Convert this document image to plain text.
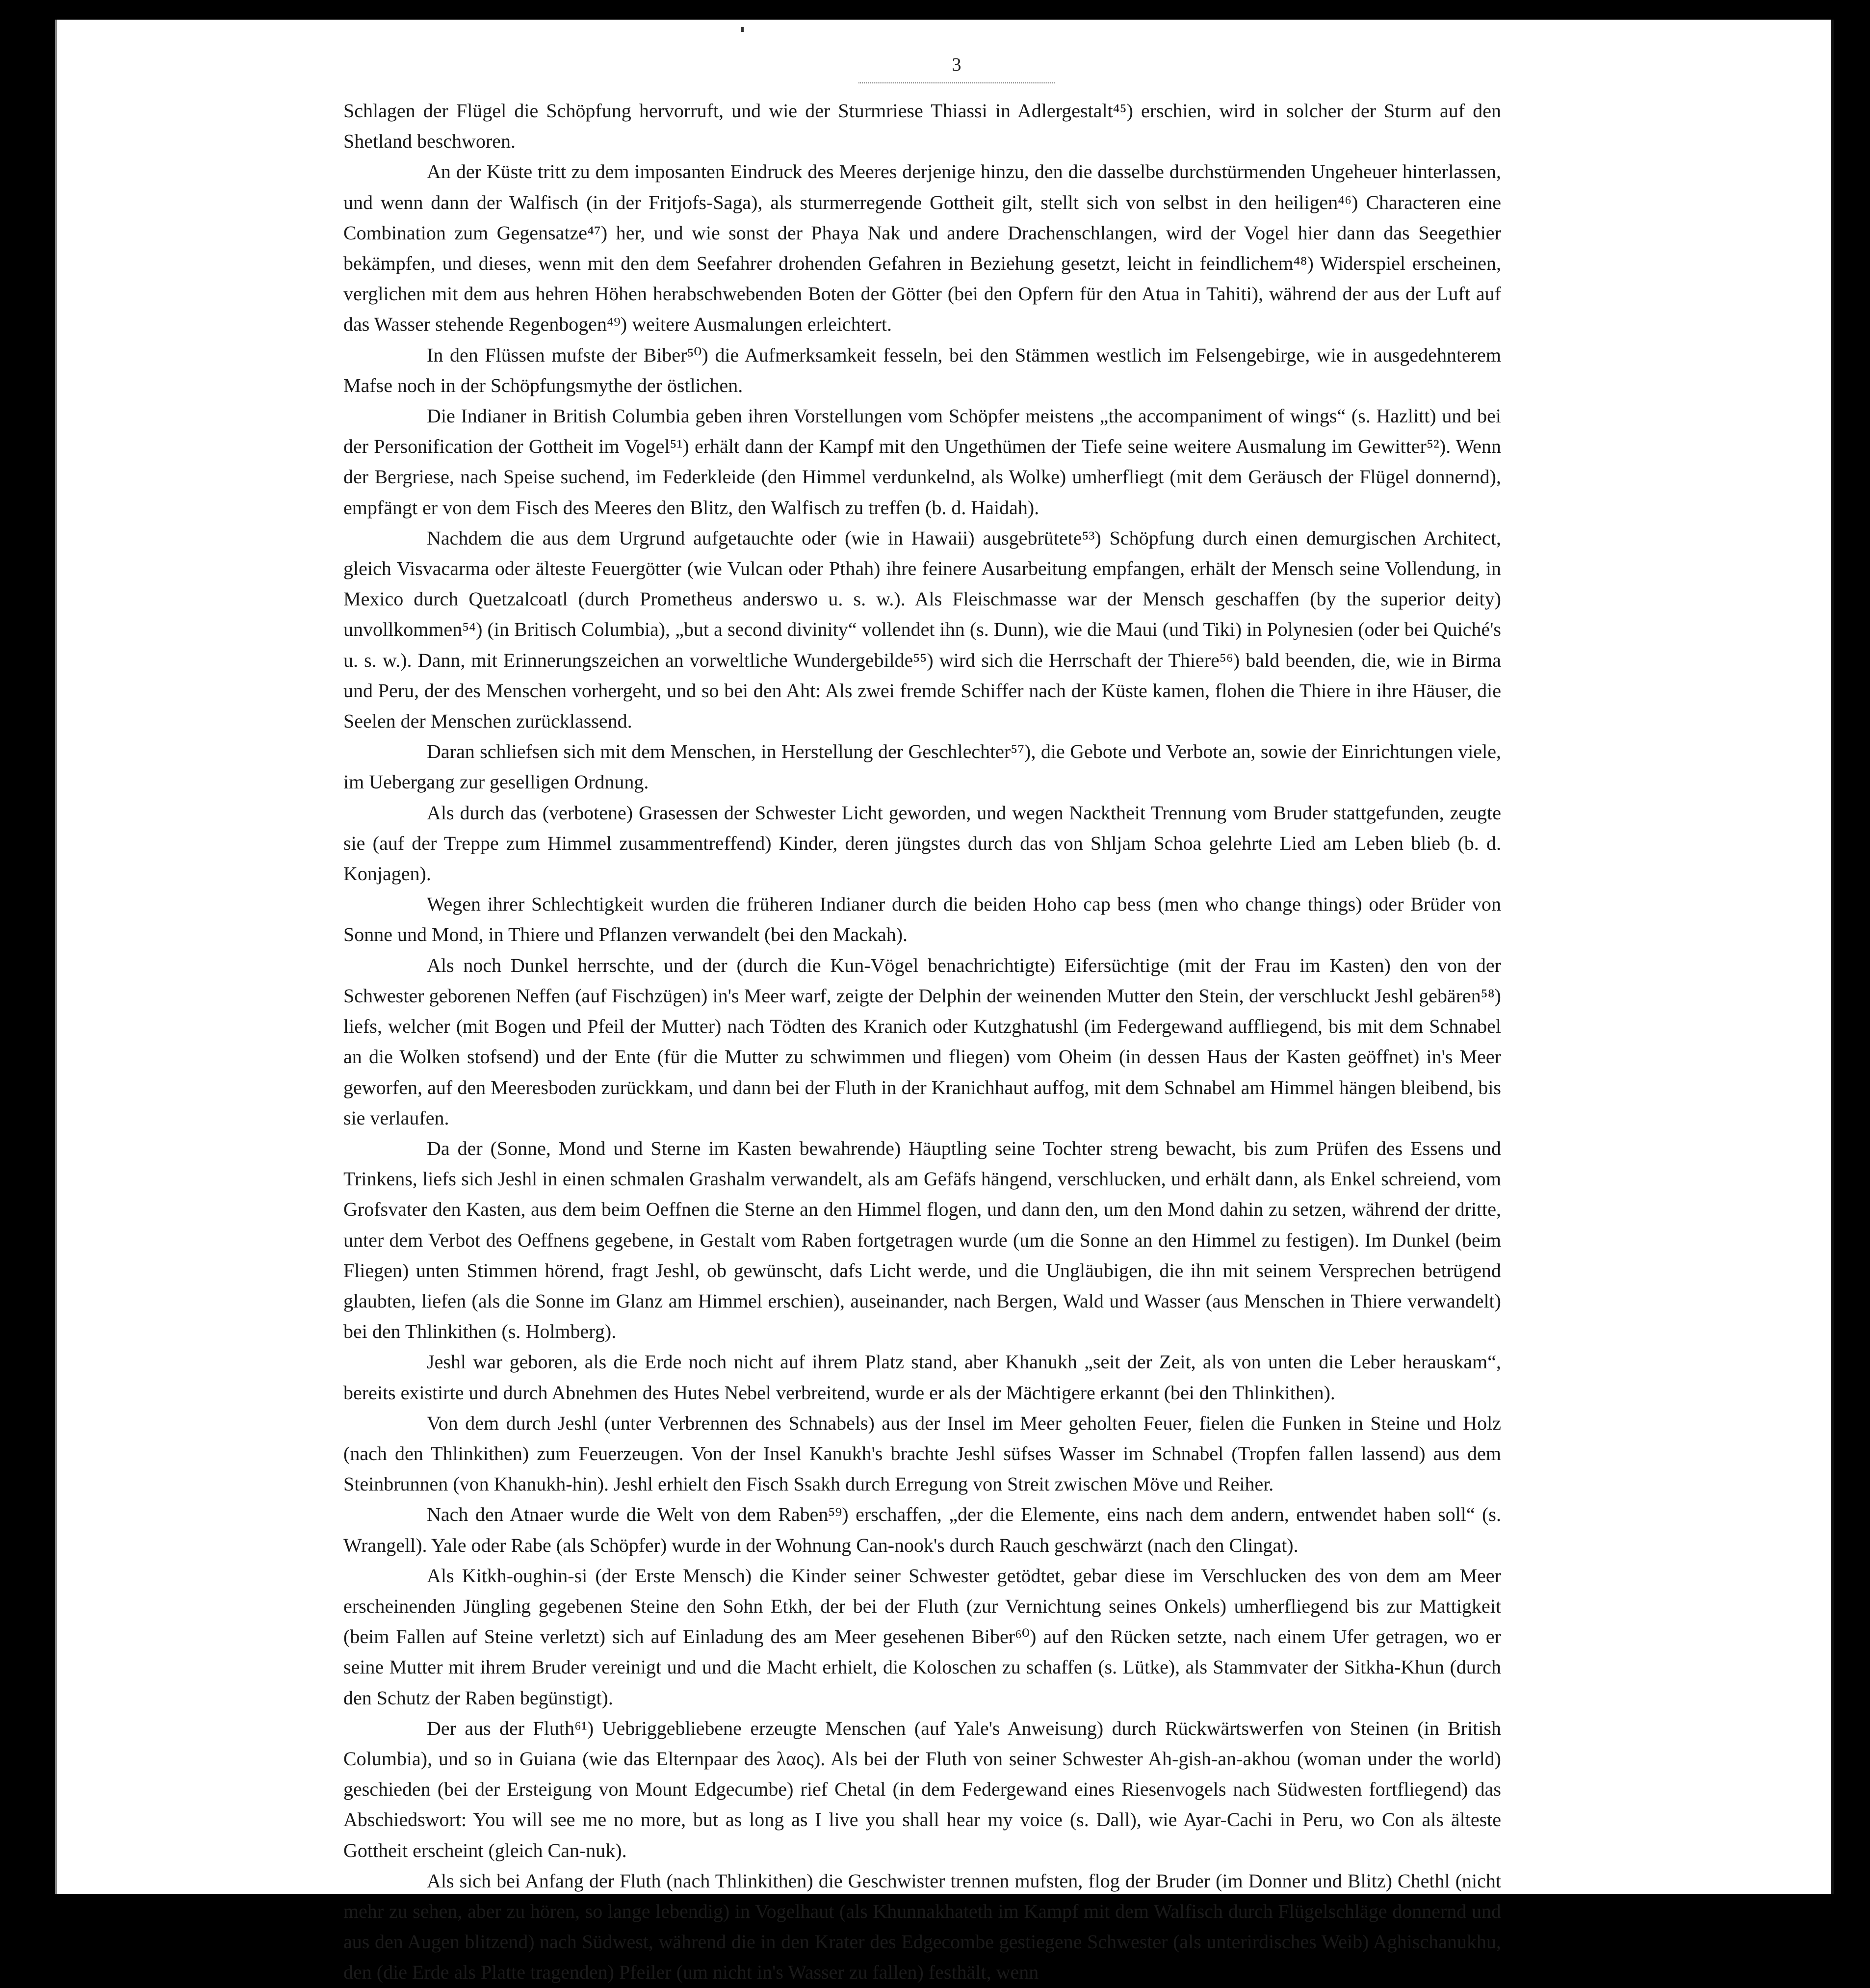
3

Schlagen der Flügel die Schöpfung hervorruft, und wie der Sturmriese Thiassi in Adlergestalt⁴⁵) erschien, wird in solcher der Sturm auf den Shetland beschworen.

An der Küste tritt zu dem imposanten Eindruck des Meeres derjenige hinzu, den die dasselbe durchstürmenden Ungeheuer hinterlassen, und wenn dann der Walfisch (in der Fritjofs-Saga), als sturmerregende Gottheit gilt, stellt sich von selbst in den heiligen⁴⁶) Characteren eine Combination zum Gegensatze⁴⁷) her, und wie sonst der Phaya Nak und andere Drachenschlangen, wird der Vogel hier dann das Seegethier bekämpfen, und dieses, wenn mit den dem Seefahrer drohenden Gefahren in Beziehung gesetzt, leicht in feindlichem⁴⁸) Widerspiel erscheinen, verglichen mit dem aus hehren Höhen herabschwebenden Boten der Götter (bei den Opfern für den Atua in Tahiti), während der aus der Luft auf das Wasser stehende Regenbogen⁴⁹) weitere Ausmalungen erleichtert.

In den Flüssen mufste der Biber⁵⁰) die Aufmerksamkeit fesseln, bei den Stämmen westlich im Felsengebirge, wie in ausgedehnterem Mafse noch in der Schöpfungsmythe der östlichen.

Die Indianer in British Columbia geben ihren Vorstellungen vom Schöpfer meistens „the accompaniment of wings“ (s. Hazlitt) und bei der Personification der Gottheit im Vogel⁵¹) erhält dann der Kampf mit den Ungethümen der Tiefe seine weitere Ausmalung im Gewitter⁵²). Wenn der Bergriese, nach Speise suchend, im Federkleide (den Himmel verdunkelnd, als Wolke) umherfliegt (mit dem Geräusch der Flügel donnernd), empfängt er von dem Fisch des Meeres den Blitz, den Walfisch zu treffen (b. d. Haidah).

Nachdem die aus dem Urgrund aufgetauchte oder (wie in Hawaii) ausgebrütete⁵³) Schöpfung durch einen demurgischen Architect, gleich Visvacarma oder älteste Feuergötter (wie Vulcan oder Pthah) ihre feinere Ausarbeitung empfangen, erhält der Mensch seine Vollendung, in Mexico durch Quetzalcoatl (durch Prometheus anderswo u. s. w.). Als Fleischmasse war der Mensch geschaffen (by the superior deity) unvollkommen⁵⁴) (in Britisch Columbia), „but a second divinity“ vollendet ihn (s. Dunn), wie die Maui (und Tiki) in Polynesien (oder bei Quiché's u. s. w.). Dann, mit Erinnerungszeichen an vorweltliche Wundergebilde⁵⁵) wird sich die Herrschaft der Thiere⁵⁶) bald beenden, die, wie in Birma und Peru, der des Menschen vorhergeht, und so bei den Aht: Als zwei fremde Schiffer nach der Küste kamen, flohen die Thiere in ihre Häuser, die Seelen der Menschen zurücklassend.

Daran schliefsen sich mit dem Menschen, in Herstellung der Geschlechter⁵⁷), die Gebote und Verbote an, sowie der Einrichtungen viele, im Uebergang zur geselligen Ordnung.

Als durch das (verbotene) Grasessen der Schwester Licht geworden, und wegen Nacktheit Trennung vom Bruder stattgefunden, zeugte sie (auf der Treppe zum Himmel zusammentreffend) Kinder, deren jüngstes durch das von Shljam Schoa gelehrte Lied am Leben blieb (b. d. Konjagen).

Wegen ihrer Schlechtigkeit wurden die früheren Indianer durch die beiden Hoho cap bess (men who change things) oder Brüder von Sonne und Mond, in Thiere und Pflanzen verwandelt (bei den Mackah).

Als noch Dunkel herrschte, und der (durch die Kun-Vögel benachrichtigte) Eifersüchtige (mit der Frau im Kasten) den von der Schwester geborenen Neffen (auf Fischzügen) in's Meer warf, zeigte der Delphin der weinenden Mutter den Stein, der verschluckt Jeshl gebären⁵⁸) liefs, welcher (mit Bogen und Pfeil der Mutter) nach Tödten des Kranich oder Kutzghatushl (im Federgewand auffliegend, bis mit dem Schnabel an die Wolken stofsend) und der Ente (für die Mutter zu schwimmen und fliegen) vom Oheim (in dessen Haus der Kasten geöffnet) in's Meer geworfen, auf den Meeresboden zurückkam, und dann bei der Fluth in der Kranichhaut auffog, mit dem Schnabel am Himmel hängen bleibend, bis sie verlaufen.

Da der (Sonne, Mond und Sterne im Kasten bewahrende) Häuptling seine Tochter streng bewacht, bis zum Prüfen des Essens und Trinkens, liefs sich Jeshl in einen schmalen Grashalm verwandelt, als am Gefäfs hängend, verschlucken, und erhält dann, als Enkel schreiend, vom Grofsvater den Kasten, aus dem beim Oeffnen die Sterne an den Himmel flogen, und dann den, um den Mond dahin zu setzen, während der dritte, unter dem Verbot des Oeffnens gegebene, in Gestalt vom Raben fortgetragen wurde (um die Sonne an den Himmel zu festigen). Im Dunkel (beim Fliegen) unten Stimmen hörend, fragt Jeshl, ob gewünscht, dafs Licht werde, und die Ungläubigen, die ihn mit seinem Versprechen betrügend glaubten, liefen (als die Sonne im Glanz am Himmel erschien), auseinander, nach Bergen, Wald und Wasser (aus Menschen in Thiere verwandelt) bei den Thlinkithen (s. Holmberg).

Jeshl war geboren, als die Erde noch nicht auf ihrem Platz stand, aber Khanukh „seit der Zeit, als von unten die Leber herauskam“, bereits existirte und durch Abnehmen des Hutes Nebel verbreitend, wurde er als der Mächtigere erkannt (bei den Thlinkithen).

Von dem durch Jeshl (unter Verbrennen des Schnabels) aus der Insel im Meer geholten Feuer, fielen die Funken in Steine und Holz (nach den Thlinkithen) zum Feuerzeugen. Von der Insel Kanukh's brachte Jeshl süfses Wasser im Schnabel (Tropfen fallen lassend) aus dem Steinbrunnen (von Khanukh-hin). Jeshl erhielt den Fisch Ssakh durch Erregung von Streit zwischen Möve und Reiher.

Nach den Atnaer wurde die Welt von dem Raben⁵⁹) erschaffen, „der die Elemente, eins nach dem andern, entwendet haben soll“ (s. Wrangell). Yale oder Rabe (als Schöpfer) wurde in der Wohnung Can-nook's durch Rauch geschwärzt (nach den Clingat).

Als Kitkh-oughin-si (der Erste Mensch) die Kinder seiner Schwester getödtet, gebar diese im Verschlucken des von dem am Meer erscheinenden Jüngling gegebenen Steine den Sohn Etkh, der bei der Fluth (zur Vernichtung seines Onkels) umherfliegend bis zur Mattigkeit (beim Fallen auf Steine verletzt) sich auf Einladung des am Meer gesehenen Biber⁶⁰) auf den Rücken setzte, nach einem Ufer getragen, wo er seine Mutter mit ihrem Bruder vereinigt und und die Macht erhielt, die Koloschen zu schaffen (s. Lütke), als Stammvater der Sitkha-Khun (durch den Schutz der Raben begünstigt).

Der aus der Fluth⁶¹) Uebriggebliebene erzeugte Menschen (auf Yale's Anweisung) durch Rückwärtswerfen von Steinen (in British Columbia), und so in Guiana (wie das Elternpaar des λαος). Als bei der Fluth von seiner Schwester Ah-gish-an-akhou (woman under the world) geschieden (bei der Ersteigung von Mount Edgecumbe) rief Chetal (in dem Federgewand eines Riesenvogels nach Südwesten fortfliegend) das Abschiedswort: You will see me no more, but as long as I live you shall hear my voice (s. Dall), wie Ayar-Cachi in Peru, wo Con als älteste Gottheit erscheint (gleich Can-nuk).

Als sich bei Anfang der Fluth (nach Thlinkithen) die Geschwister trennen mufsten, flog der Bruder (im Donner und Blitz) Chethl (nicht mehr zu sehen, aber zu hören, so lange lebendig) in Vogelhaut (als Khunnakhateth im Kampf mit dem Walfisch durch Flügelschläge donnernd und aus den Augen blitzend) nach Südwest, während die in den Krater des Edgecombe gestiegene Schwester (als unterirdisches Weib) Aghischanukhu, den (die Erde als Platte tragenden) Pfeiler (um nicht in's Wasser zu fallen) festhält, wenn
